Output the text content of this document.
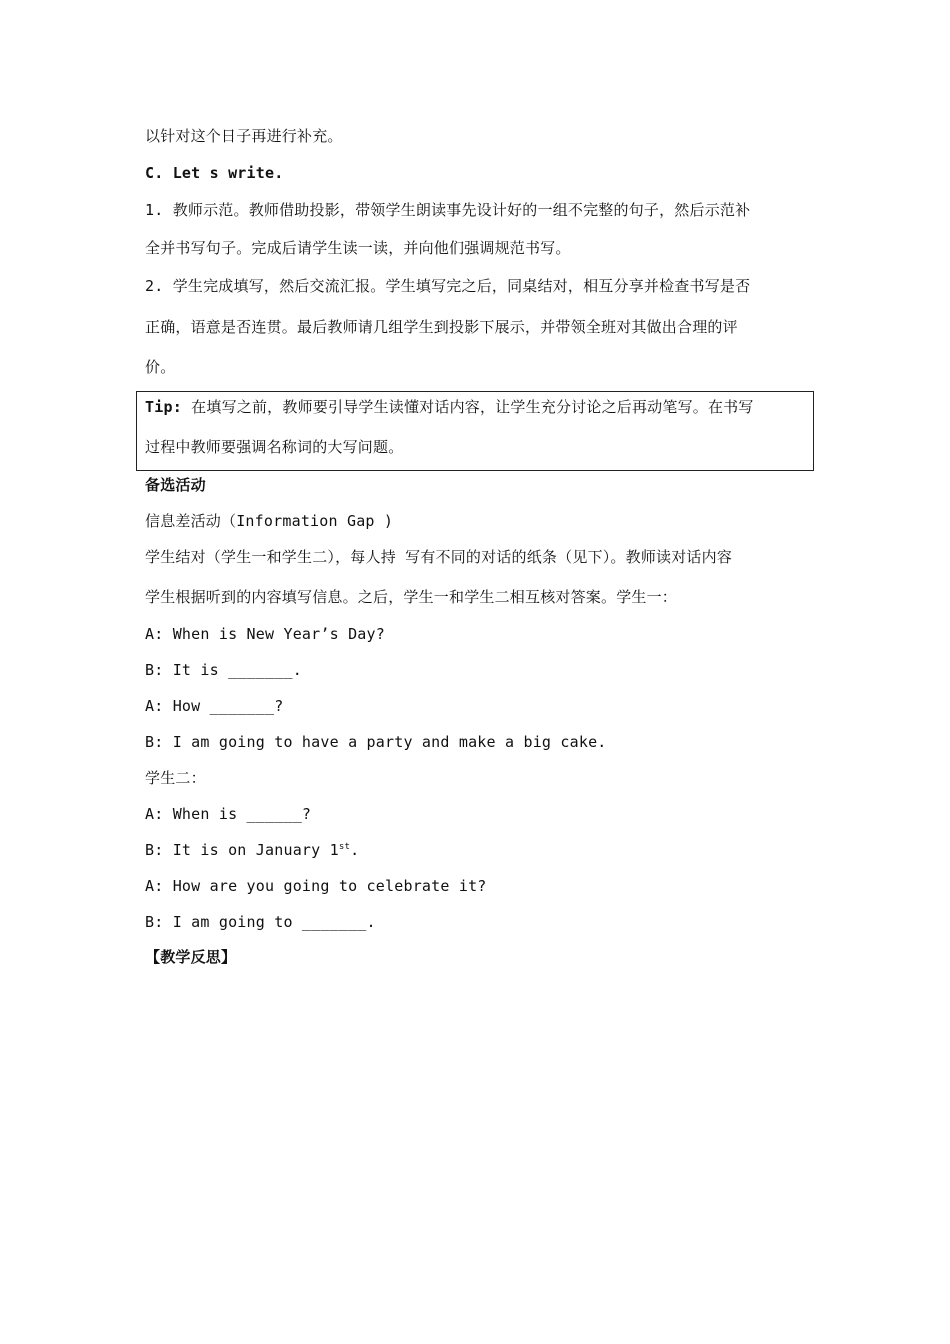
以针对这个日子再进行补充。
C. Let s write.
1. 教师示范。教师借助投影，带领学生朗读事先设计好的一组不完整的句子，然后示范补
全并书写句子。完成后请学生读一读，并向他们强调规范书写。
2. 学生完成填写，然后交流汇报。学生填写完之后，同桌结对，相互分享并检查书写是否
正确，语意是否连贯。最后教师请几组学生到投影下展示，并带领全班对其做出合理的评
价。
Tip: 在填写之前，教师要引导学生读懂对话内容，让学生充分讨论之后再动笔写。在书写
过程中教师要强调名称词的大写问题。
备选活动
信息差活动（Information Gap )
学生结对（学生一和学生二），每人持 写有不同的对话的纸条（见下）。教师读对话内容
学生根据听到的内容填写信息。之后，学生一和学生二相互核对答案。学生一：
A: When is New Year’s Day?
B: It is _______.
A: How _______?
B: I am going to have a party and make a big cake.
学生二：
A: When is ______?
B: It is on January 1st.
A: How are you going to celebrate it?
B: I am going to _______.
【教学反思】
